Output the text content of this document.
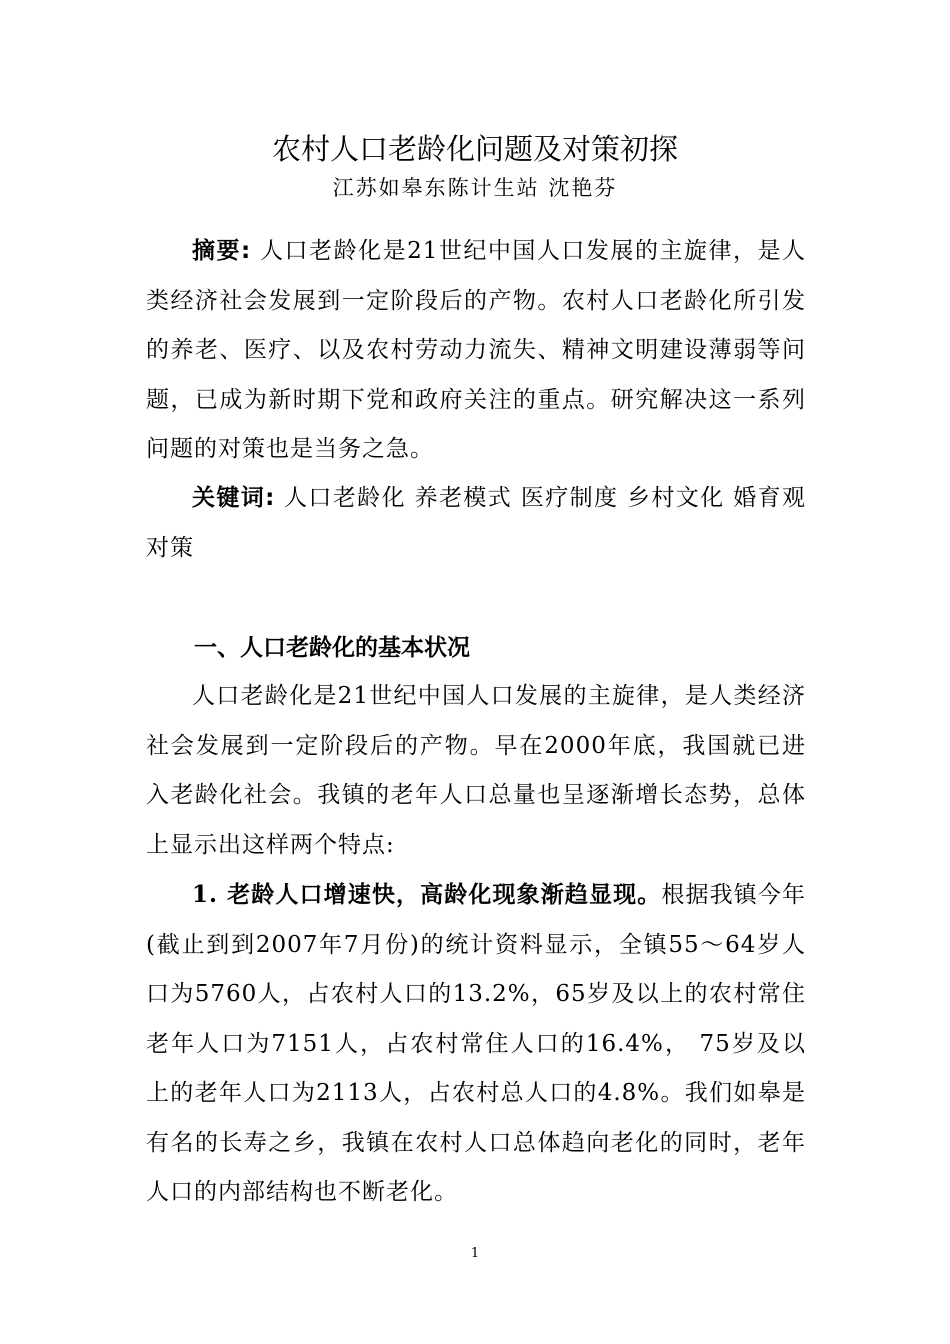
农村人口老龄化问题及对策初探
江苏如皋东陈计生站 沈艳芬
摘要: 人口老龄化是21世纪中国人口发展的主旋律，是人类经济社会发展到一定阶段后的产物。农村人口老龄化所引发的养老、医疗、以及农村劳动力流失、精神文明建设薄弱等问题，已成为新时期下党和政府关注的重点。研究解决这一系列问题的对策也是当务之急。
关键词: 人口老龄化 养老模式 医疗制度 乡村文化 婚育观 对策
一、人口老龄化的基本状况
人口老龄化是21世纪中国人口发展的主旋律，是人类经济社会发展到一定阶段后的产物。早在2000年底，我国就已进入老龄化社会。我镇的老年人口总量也呈逐渐增长态势，总体上显示出这样两个特点:
1. 老龄人口增速快，高龄化现象渐趋显现。根据我镇今年(截止到到2007年7月份)的统计资料显示，全镇55～64岁人口为5760人，占农村人口的13.2%，65岁及以上的农村常住老年人口为7151人，占农村常住人口的16.4%， 75岁及以上的老年人口为2113人，占农村总人口的4.8%。我们如皋是有名的长寿之乡，我镇在农村人口总体趋向老化的同时，老年人口的内部结构也不断老化。
1
